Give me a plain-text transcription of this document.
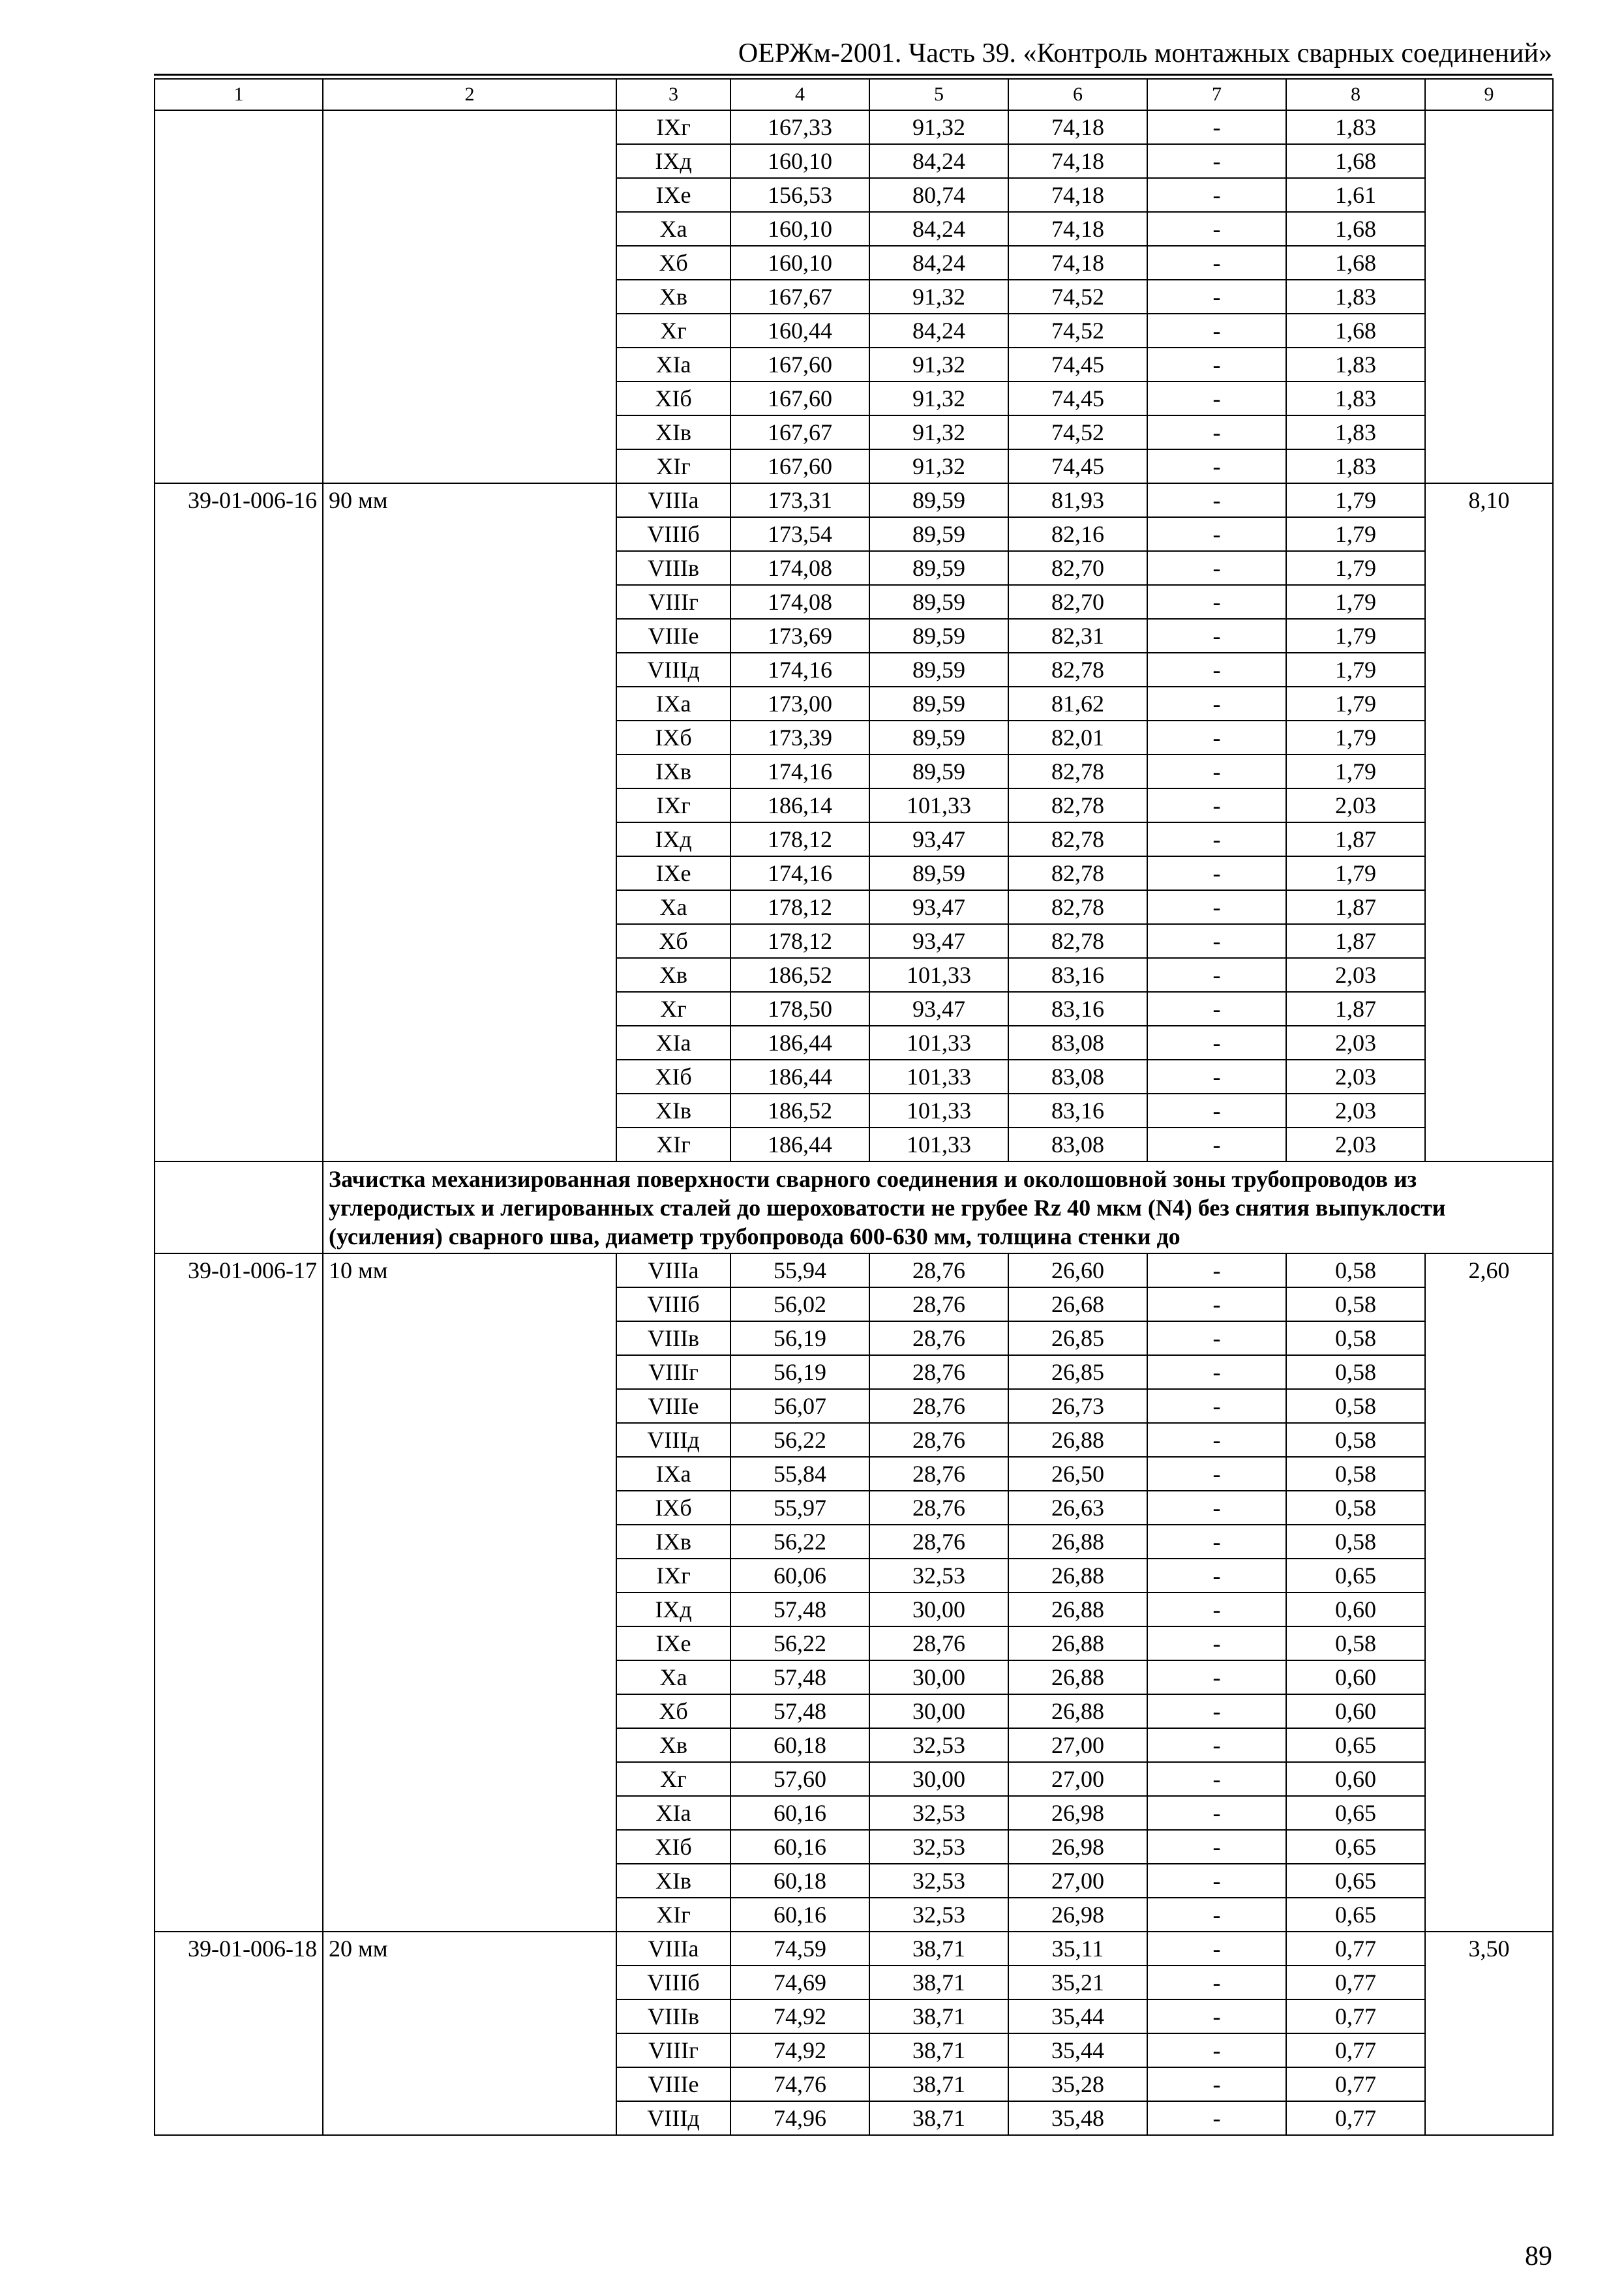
ОЕРЖм-2001. Часть 39. «Контроль монтажных сварных соединений»
1	2	3	4	5	6	7	8	9
		IXг	167,33	91,32	74,18	-	1,83	
		IXд	160,10	84,24	74,18	-	1,68	
		IXе	156,53	80,74	74,18	-	1,61	
		Xа	160,10	84,24	74,18	-	1,68	
		Xб	160,10	84,24	74,18	-	1,68	
		Xв	167,67	91,32	74,52	-	1,83	
		Xг	160,44	84,24	74,52	-	1,68	
		XIа	167,60	91,32	74,45	-	1,83	
		XIб	167,60	91,32	74,45	-	1,83	
		XIв	167,67	91,32	74,52	-	1,83	
		XIг	167,60	91,32	74,45	-	1,83	
39-01-006-16	90 мм	VIIIа	173,31	89,59	81,93	-	1,79	8,10
		VIIIб	173,54	89,59	82,16	-	1,79	
		VIIIв	174,08	89,59	82,70	-	1,79	
		VIIIг	174,08	89,59	82,70	-	1,79	
		VIIIе	173,69	89,59	82,31	-	1,79	
		VIIIд	174,16	89,59	82,78	-	1,79	
		IXа	173,00	89,59	81,62	-	1,79	
		IXб	173,39	89,59	82,01	-	1,79	
		IXв	174,16	89,59	82,78	-	1,79	
		IXг	186,14	101,33	82,78	-	2,03	
		IXд	178,12	93,47	82,78	-	1,87	
		IXе	174,16	89,59	82,78	-	1,79	
		Xа	178,12	93,47	82,78	-	1,87	
		Xб	178,12	93,47	82,78	-	1,87	
		Xв	186,52	101,33	83,16	-	2,03	
		Xг	178,50	93,47	83,16	-	1,87	
		XIа	186,44	101,33	83,08	-	2,03	
		XIб	186,44	101,33	83,08	-	2,03	
		XIв	186,52	101,33	83,16	-	2,03	
		XIг	186,44	101,33	83,08	-	2,03	
	Зачистка механизированная поверхности сварного соединения и околошовной зоны трубопроводов из углеродистых и легированных сталей до шероховатости не грубее Rz 40 мкм (N4) без снятия выпуклости (усиления) сварного шва, диаметр трубопровода 600-630 мм, толщина стенки до							
39-01-006-17	10 мм	VIIIа	55,94	28,76	26,60	-	0,58	2,60
		VIIIб	56,02	28,76	26,68	-	0,58	
		VIIIв	56,19	28,76	26,85	-	0,58	
		VIIIг	56,19	28,76	26,85	-	0,58	
		VIIIе	56,07	28,76	26,73	-	0,58	
		VIIIд	56,22	28,76	26,88	-	0,58	
		IXа	55,84	28,76	26,50	-	0,58	
		IXб	55,97	28,76	26,63	-	0,58	
		IXв	56,22	28,76	26,88	-	0,58	
		IXг	60,06	32,53	26,88	-	0,65	
		IXд	57,48	30,00	26,88	-	0,60	
		IXе	56,22	28,76	26,88	-	0,58	
		Xа	57,48	30,00	26,88	-	0,60	
		Xб	57,48	30,00	26,88	-	0,60	
		Xв	60,18	32,53	27,00	-	0,65	
		Xг	57,60	30,00	27,00	-	0,60	
		XIа	60,16	32,53	26,98	-	0,65	
		XIб	60,16	32,53	26,98	-	0,65	
		XIв	60,18	32,53	27,00	-	0,65	
		XIг	60,16	32,53	26,98	-	0,65	
39-01-006-18	20 мм	VIIIа	74,59	38,71	35,11	-	0,77	3,50
		VIIIб	74,69	38,71	35,21	-	0,77	
		VIIIв	74,92	38,71	35,44	-	0,77	
		VIIIг	74,92	38,71	35,44	-	0,77	
		VIIIе	74,76	38,71	35,28	-	0,77	
		VIIIд	74,96	38,71	35,48	-	0,77	
89
